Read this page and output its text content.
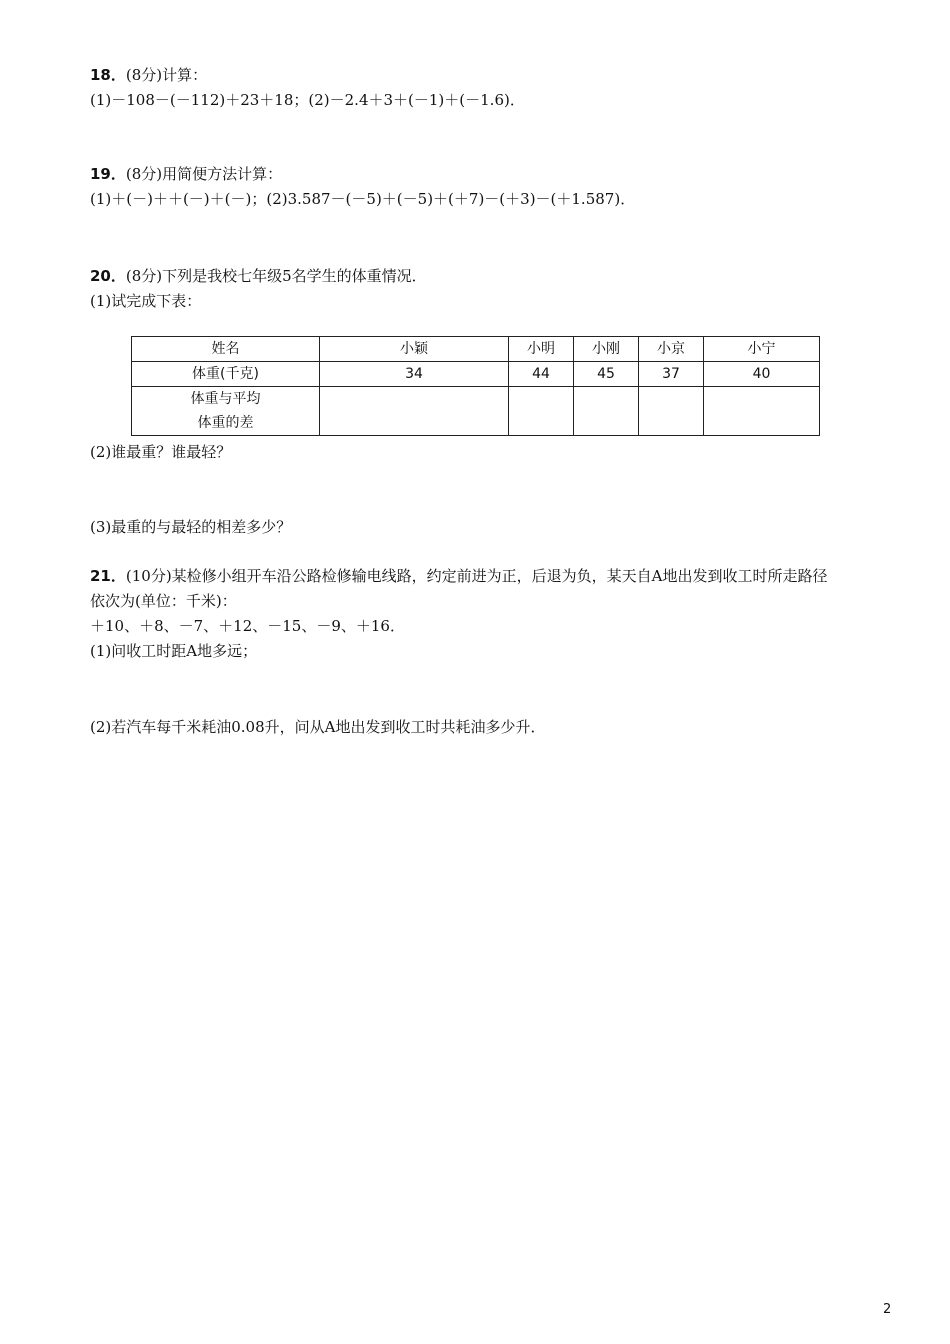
18．(8分)计算：
(1)－108－(－112)＋23＋18；(2)－2.4＋3＋(－1)＋(－1.6)．
19．(8分)用简便方法计算：
(1)＋(－)＋＋(－)＋(－)；(2)3.587－(－5)＋(－5)＋(＋7)－(＋3)－(＋1.587)．
20．(8分)下列是我校七年级5名学生的体重情况．
(1)试完成下表：
姓名	小颖	小明	小刚	小京	小宁
体重(千克)	34	44	45	37	40
体重与平均
体重的差					
(2)谁最重？谁最轻？
(3)最重的与最轻的相差多少？
21．(10分)某检修小组开车沿公路检修输电线路，约定前进为正，后退为负，某天自A地出发到收工时所走路径
依次为(单位：千米)：
＋10、＋8、－7、＋12、－15、－9、＋16．
(1)问收工时距A地多远；
(2)若汽车每千米耗油0.08升，问从A地出发到收工时共耗油多少升．
2
